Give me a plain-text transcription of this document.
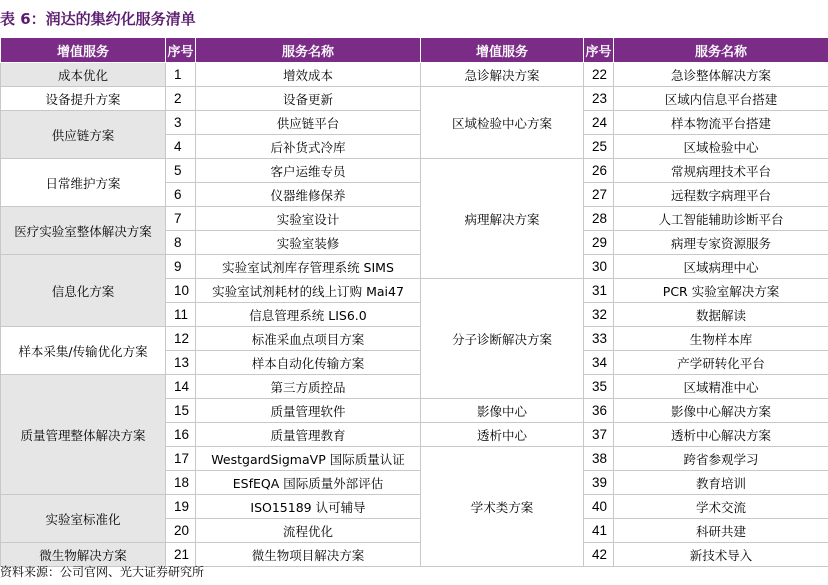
表 6：润达的集约化服务清单
增值服务	序号	服务名称	增值服务	序号	服务名称
成本优化	1	增效成本	急诊解决方案	22	急诊整体解决方案
设备提升方案	2	设备更新	区域检验中心方案	23	区域内信息平台搭建
供应链方案	3	供应链平台		24	样本物流平台搭建
	4	后补货式冷库		25	区域检验中心
日常维护方案	5	客户运维专员	病理解决方案	26	常规病理技术平台
	6	仪器维修保养		27	远程数字病理平台
医疗实验室整体解决方案	7	实验室设计		28	人工智能辅助诊断平台
	8	实验室装修		29	病理专家资源服务
信息化方案	9	实验室试剂库存管理系统 SIMS		30	区域病理中心
	10	实验室试剂耗材的线上订购 Mai47	分子诊断解决方案	31	PCR 实验室解决方案
	11	信息管理系统 LIS6.0		32	数据解读
样本采集/传输优化方案	12	标准采血点项目方案		33	生物样本库
	13	样本自动化传输方案		34	产学研转化平台
质量管理整体解决方案	14	第三方质控品		35	区域精准中心
	15	质量管理软件	影像中心	36	影像中心解决方案
	16	质量管理教育	透析中心	37	透析中心解决方案
	17	WestgardSigmaVP 国际质量认证	学术类方案	38	跨省参观学习
	18	ESfEQA 国际质量外部评估		39	教育培训
实验室标准化	19	ISO15189 认可辅导		40	学术交流
	20	流程优化		41	科研共建
微生物解决方案	21	微生物项目解决方案		42	新技术导入
资料来源：公司官网、光大证券研究所
